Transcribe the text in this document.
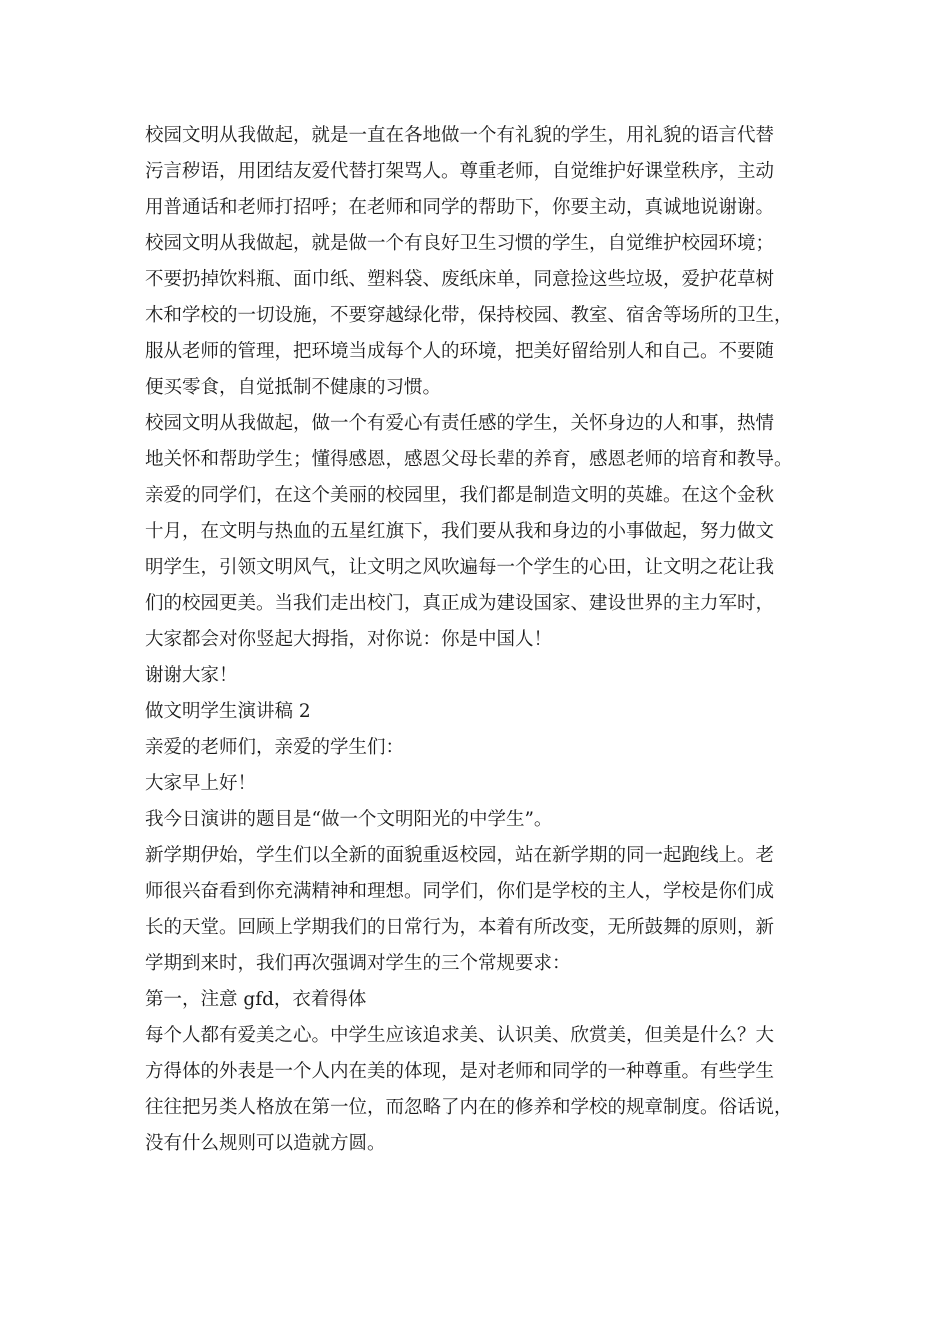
校园文明从我做起，就是一直在各地做一个有礼貌的学生，用礼貌的语言代替
污言秽语，用团结友爱代替打架骂人。尊重老师，自觉维护好课堂秩序，主动
用普通话和老师打招呼；在老师和同学的帮助下，你要主动，真诚地说谢谢。
校园文明从我做起，就是做一个有良好卫生习惯的学生，自觉维护校园环境；
不要扔掉饮料瓶、面巾纸、塑料袋、废纸床单，同意捡这些垃圾，爱护花草树
木和学校的一切设施，不要穿越绿化带，保持校园、教室、宿舍等场所的卫生，
服从老师的管理，把环境当成每个人的环境，把美好留给别人和自己。不要随
便买零食，自觉抵制不健康的习惯。
校园文明从我做起，做一个有爱心有责任感的学生，关怀身边的人和事，热情
地关怀和帮助学生；懂得感恩，感恩父母长辈的养育，感恩老师的培育和教导。
亲爱的同学们，在这个美丽的校园里，我们都是制造文明的英雄。在这个金秋
十月，在文明与热血的五星红旗下，我们要从我和身边的小事做起，努力做文
明学生，引领文明风气，让文明之风吹遍每一个学生的心田，让文明之花让我
们的校园更美。当我们走出校门，真正成为建设国家、建设世界的主力军时，
大家都会对你竖起大拇指，对你说：你是中国人！
谢谢大家！
做文明学生演讲稿 2
亲爱的老师们，亲爱的学生们：
大家早上好！
我今日演讲的题目是“做一个文明阳光的中学生”。
新学期伊始，学生们以全新的面貌重返校园，站在新学期的同一起跑线上。老
师很兴奋看到你充满精神和理想。同学们，你们是学校的主人，学校是你们成
长的天堂。回顾上学期我们的日常行为，本着有所改变，无所鼓舞的原则，新
学期到来时，我们再次强调对学生的三个常规要求：
第一，注意 gfd，衣着得体
每个人都有爱美之心。中学生应该追求美、认识美、欣赏美，但美是什么？大
方得体的外表是一个人内在美的体现，是对老师和同学的一种尊重。有些学生
往往把另类人格放在第一位，而忽略了内在的修养和学校的规章制度。俗话说，
没有什么规则可以造就方圆。
